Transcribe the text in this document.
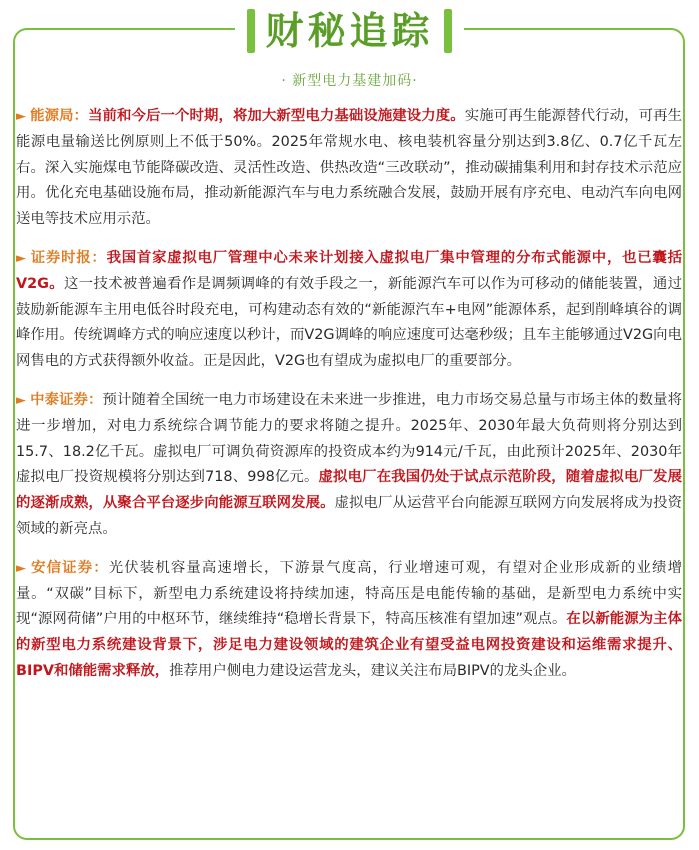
财秘追踪
· 新型电力基建加码·

► 能源局：当前和今后一个时期，将加大新型电力基础设施建设力度。实施可再生能源替代行动，可再生能源电量输送比例原则上不低于50%。2025年常规水电、核电装机容量分别达到3.8亿、0.7亿千瓦左右。深入实施煤电节能降碳改造、灵活性改造、供热改造“三改联动”，推动碳捕集利用和封存技术示范应用。优化充电基础设施布局，推动新能源汽车与电力系统融合发展，鼓励开展有序充电、电动汽车向电网送电等技术应用示范。

► 证券时报：我国首家虚拟电厂管理中心未来计划接入虚拟电厂集中管理的分布式能源中，也已囊括V2G。这一技术被普遍看作是调频调峰的有效手段之一，新能源汽车可以作为可移动的储能装置，通过鼓励新能源车主用电低谷时段充电，可构建动态有效的“新能源汽车+电网”能源体系，起到削峰填谷的调峰作用。传统调峰方式的响应速度以秒计，而V2G调峰的响应速度可达毫秒级；且车主能够通过V2G向电网售电的方式获得额外收益。正是因此，V2G也有望成为虚拟电厂的重要部分。

► 中泰证券：预计随着全国统一电力市场建设在未来进一步推进，电力市场交易总量与市场主体的数量将进一步增加，对电力系统综合调节能力的要求将随之提升。2025年、2030年最大负荷则将分别达到15.7、18.2亿千瓦。虚拟电厂可调负荷资源库的投资成本约为914元/千瓦，由此预计2025年、2030年虚拟电厂投资规模将分别达到718、998亿元。虚拟电厂在我国仍处于试点示范阶段，随着虚拟电厂发展的逐渐成熟，从聚合平台逐步向能源互联网发展。虚拟电厂从运营平台向能源互联网方向发展将成为投资领域的新亮点。

► 安信证券：光伏装机容量高速增长，下游景气度高，行业增速可观，有望对企业形成新的业绩增量。“双碳”目标下，新型电力系统建设将持续加速，特高压是电能传输的基础，是新型电力系统中实现“源网荷储”户用的中枢环节，继续维持“稳增长背景下，特高压核准有望加速”观点。在以新能源为主体的新型电力系统建设背景下，涉足电力建设领域的建筑企业有望受益电网投资建设和运维需求提升、BIPV和储能需求释放，推荐用户侧电力建设运营龙头，建议关注布局BIPV的龙头企业。
